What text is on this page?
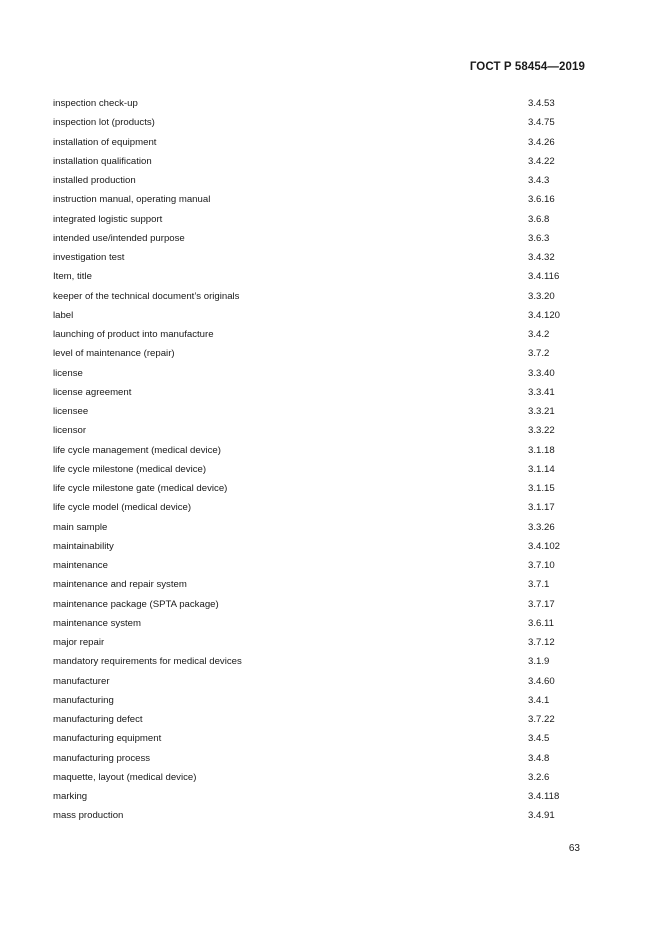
ГОСТ Р 58454—2019
inspection check-up	3.4.53
inspection lot (products)	3.4.75
installation of equipment	3.4.26
installation qualification	3.4.22
installed production	3.4.3
instruction manual, operating manual	3.6.16
integrated logistic support	3.6.8
intended use/intended purpose	3.6.3
investigation test	3.4.32
Item, title	3.4.116
keeper of the technical document’s originals	3.3.20
label	3.4.120
launching of product into manufacture	3.4.2
level of maintenance (repair)	3.7.2
license	3.3.40
license agreement	3.3.41
licensee	3.3.21
licensor	3.3.22
life cycle management (medical device)	3.1.18
life cycle milestone (medical device)	3.1.14
life cycle milestone gate (medical device)	3.1.15
life cycle model (medical device)	3.1.17
main sample	3.3.26
maintainability	3.4.102
maintenance	3.7.10
maintenance and repair system	3.7.1
maintenance package (SPTA package)	3.7.17
maintenance system	3.6.11
major repair	3.7.12
mandatory requirements for medical devices	3.1.9
manufacturer	3.4.60
manufacturing	3.4.1
manufacturing defect	3.7.22
manufacturing equipment	3.4.5
manufacturing process	3.4.8
maquette, layout (medical device)	3.2.6
marking	3.4.118
mass production	3.4.91
63
